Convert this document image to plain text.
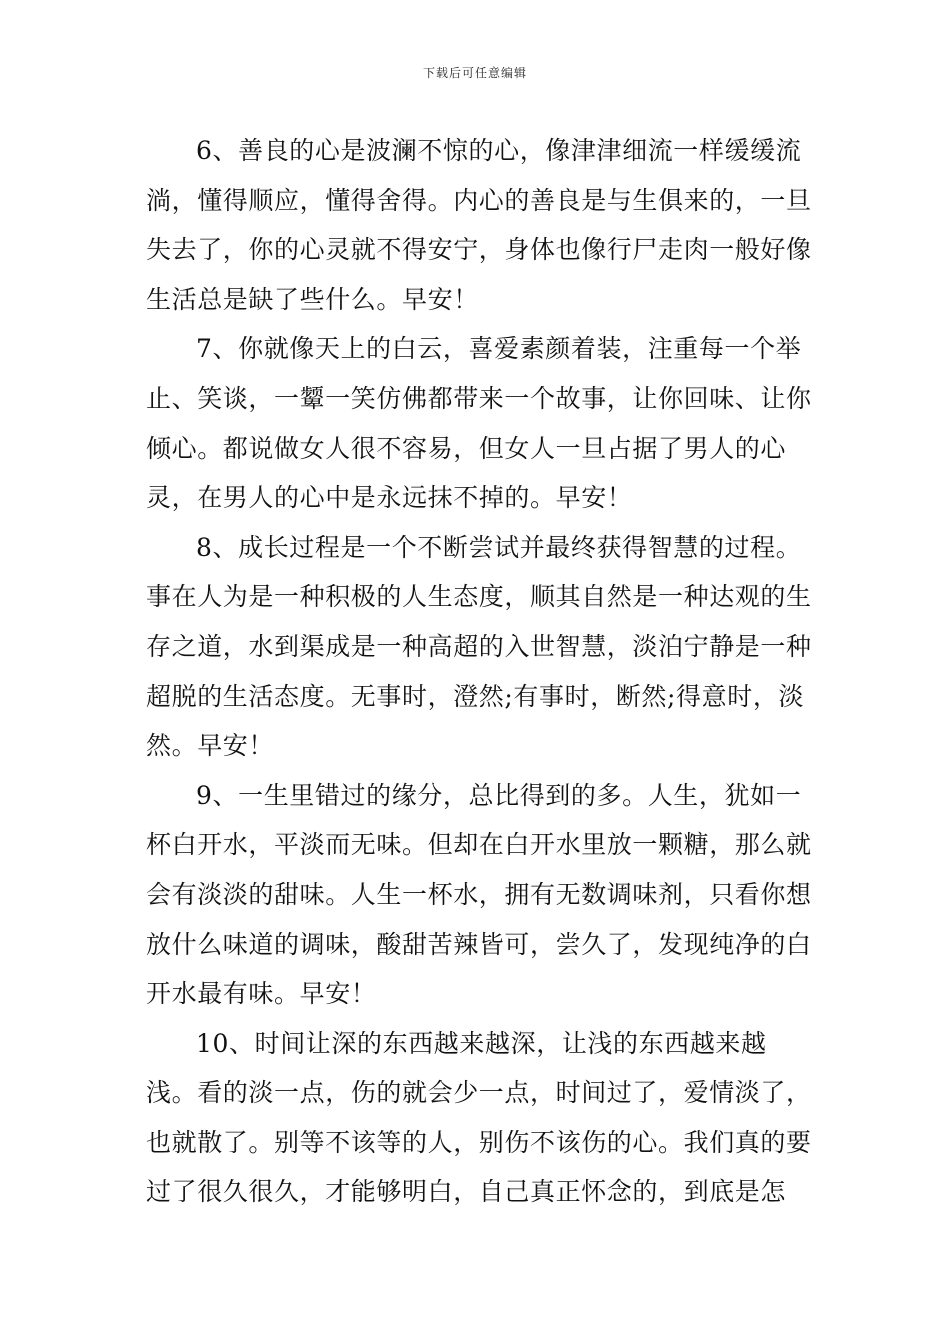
下载后可任意编辑

6、善良的心是波澜不惊的心，像津津细流一样缓缓流淌，懂得顺应，懂得舍得。内心的善良是与生俱来的，一旦失去了，你的心灵就不得安宁，身体也像行尸走肉一般好像生活总是缺了些什么。早安！

7、你就像天上的白云，喜爱素颜着装，注重每一个举止、笑谈，一颦一笑仿佛都带来一个故事，让你回味、让你倾心。都说做女人很不容易，但女人一旦占据了男人的心灵，在男人的心中是永远抹不掉的。早安！

8、成长过程是一个不断尝试并最终获得智慧的过程。事在人为是一种积极的人生态度，顺其自然是一种达观的生存之道，水到渠成是一种高超的入世智慧，淡泊宁静是一种超脱的生活态度。无事时，澄然;有事时，断然;得意时，淡然。早安！

9、一生里错过的缘分，总比得到的多。人生，犹如一杯白开水，平淡而无味。但却在白开水里放一颗糖，那么就会有淡淡的甜味。人生一杯水，拥有无数调味剂，只看你想放什么味道的调味，酸甜苦辣皆可，尝久了，发现纯净的白开水最有味。早安！

10、时间让深的东西越来越深，让浅的东西越来越浅。看的淡一点，伤的就会少一点，时间过了，爱情淡了，也就散了。别等不该等的人，别伤不该伤的心。我们真的要过了很久很久，才能够明白，自己真正怀念的，到底是怎
